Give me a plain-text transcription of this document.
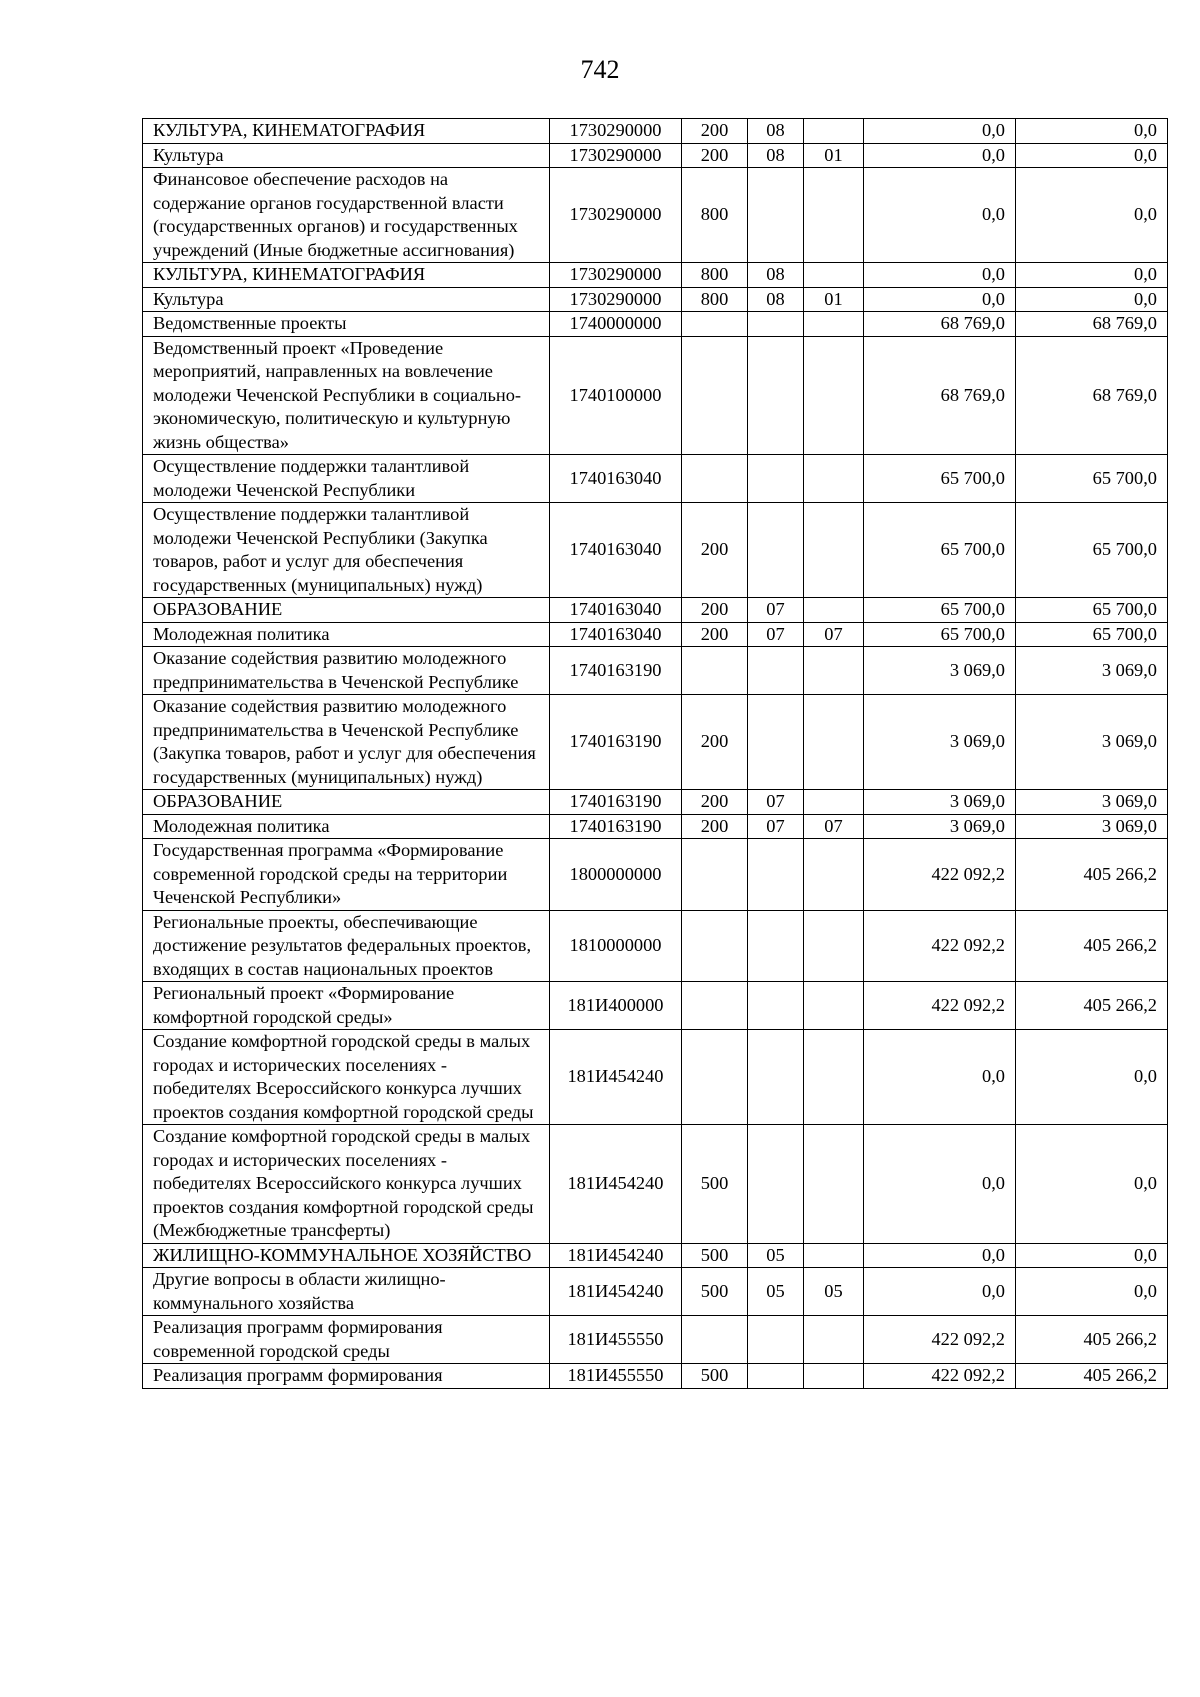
742
КУЛЬТУРА, КИНЕМАТОГРАФИЯ	1730290000	200	08		0,0	0,0
Культура	1730290000	200	08	01	0,0	0,0
Финансовое обеспечение расходов на содержание органов государственной власти (государственных органов) и государственных учреждений (Иные бюджетные ассигнования)	1730290000	800			0,0	0,0
КУЛЬТУРА, КИНЕМАТОГРАФИЯ	1730290000	800	08		0,0	0,0
Культура	1730290000	800	08	01	0,0	0,0
Ведомственные проекты	1740000000				68 769,0	68 769,0
Ведомственный проект «Проведение мероприятий, направленных на вовлечение молодежи Чеченской Республики в социально-экономическую, политическую и культурную жизнь общества»	1740100000				68 769,0	68 769,0
Осуществление поддержки талантливой молодежи Чеченской Республики	1740163040				65 700,0	65 700,0
Осуществление поддержки талантливой молодежи Чеченской Республики (Закупка товаров, работ и услуг для обеспечения государственных (муниципальных) нужд)	1740163040	200			65 700,0	65 700,0
ОБРАЗОВАНИЕ	1740163040	200	07		65 700,0	65 700,0
Молодежная политика	1740163040	200	07	07	65 700,0	65 700,0
Оказание содействия развитию молодежного предпринимательства в Чеченской Республике	1740163190				3 069,0	3 069,0
Оказание содействия развитию молодежного предпринимательства в Чеченской Республике (Закупка товаров, работ и услуг для обеспечения государственных (муниципальных) нужд)	1740163190	200			3 069,0	3 069,0
ОБРАЗОВАНИЕ	1740163190	200	07		3 069,0	3 069,0
Молодежная политика	1740163190	200	07	07	3 069,0	3 069,0
Государственная программа «Формирование современной городской среды на территории Чеченской Республики»	1800000000				422 092,2	405 266,2
Региональные проекты, обеспечивающие достижение результатов федеральных проектов, входящих в состав национальных проектов	1810000000				422 092,2	405 266,2
Региональный проект «Формирование комфортной городской среды»	181И400000				422 092,2	405 266,2
Создание комфортной городской среды в малых городах и исторических поселениях - победителях Всероссийского конкурса лучших проектов создания комфортной городской среды	181И454240				0,0	0,0
Создание комфортной городской среды в малых городах и исторических поселениях - победителях Всероссийского конкурса лучших проектов создания комфортной городской среды (Межбюджетные трансферты)	181И454240	500			0,0	0,0
ЖИЛИЩНО-КОММУНАЛЬНОЕ ХОЗЯЙСТВО	181И454240	500	05		0,0	0,0
Другие вопросы в области жилищно-коммунального хозяйства	181И454240	500	05	05	0,0	0,0
Реализация программ формирования современной городской среды	181И455550				422 092,2	405 266,2
Реализация программ формирования	181И455550	500			422 092,2	405 266,2
